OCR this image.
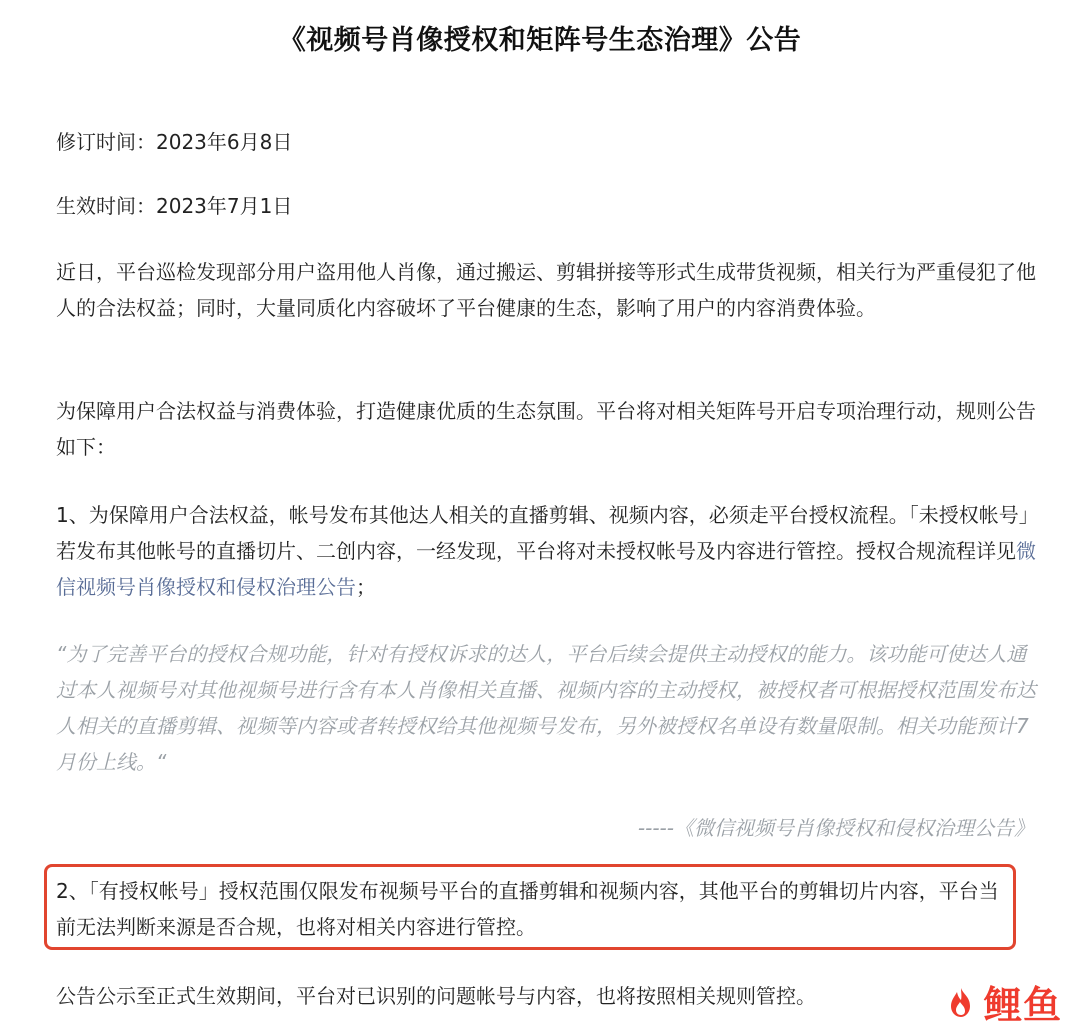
《视频号肖像授权和矩阵号生态治理》公告
修订时间：2023年6月8日
生效时间：2023年7月1日
近日，平台巡检发现部分用户盗用他人肖像，通过搬运、剪辑拼接等形式生成带货视频，相关行为严重侵犯了他人的合法权益；同时，大量同质化内容破坏了平台健康的生态，影响了用户的内容消费体验。
为保障用户合法权益与消费体验，打造健康优质的生态氛围。平台将对相关矩阵号开启专项治理行动，规则公告如下：
1、为保障用户合法权益，帐号发布其他达人相关的直播剪辑、视频内容，必须走平台授权流程。「未授权帐号」若发布其他帐号的直播切片、二创内容，一经发现，平台将对未授权帐号及内容进行管控。授权合规流程详见微信视频号肖像授权和侵权治理公告；
“为了完善平台的授权合规功能，针对有授权诉求的达人，平台后续会提供主动授权的能力。该功能可使达人通过本人视频号对其他视频号进行含有本人肖像相关直播、视频内容的主动授权，被授权者可根据授权范围发布达人相关的直播剪辑、视频等内容或者转授权给其他视频号发布，另外被授权名单设有数量限制。相关功能预计7月份上线。“
-----《微信视频号肖像授权和侵权治理公告》
2、「有授权帐号」授权范围仅限发布视频号平台的直播剪辑和视频内容，其他平台的剪辑切片内容，平台当前无法判断来源是否合规，也将对相关内容进行管控。
公告公示至正式生效期间，平台对已识别的问题帐号与内容，也将按照相关规则管控。	鲤鱼
